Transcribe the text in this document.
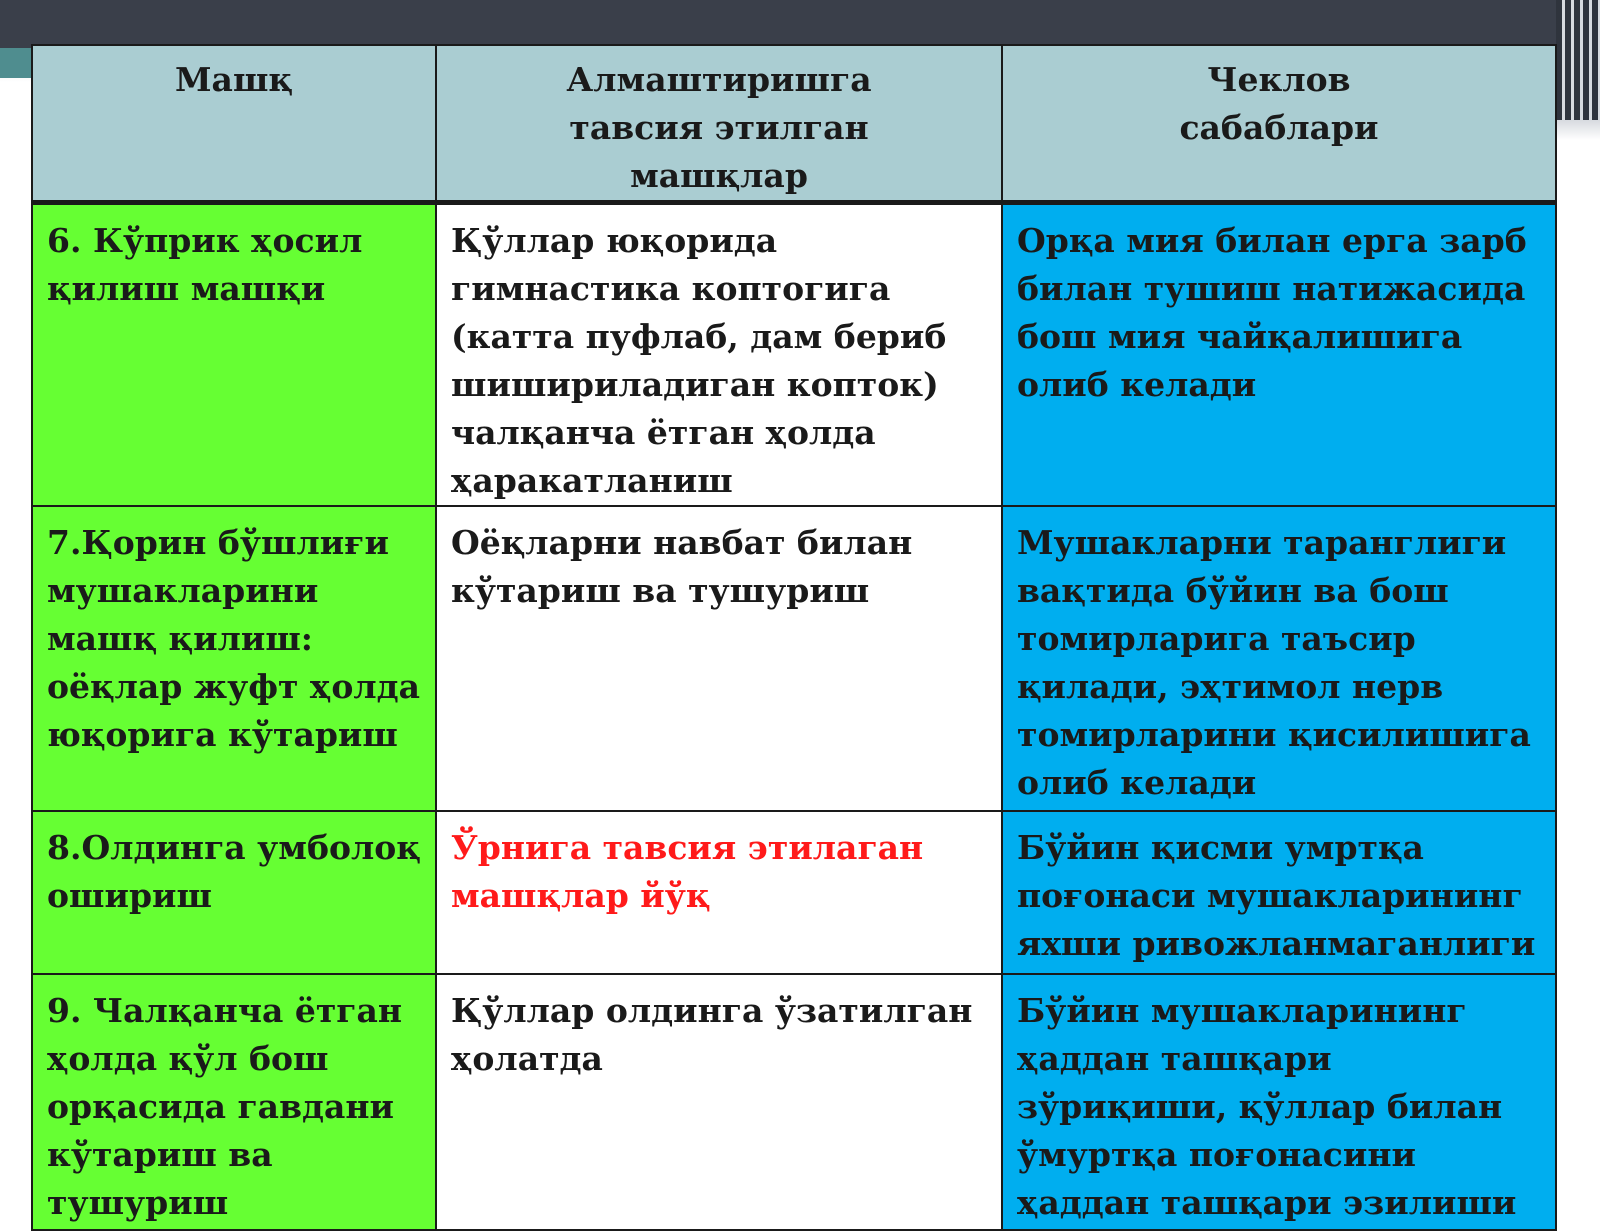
Машқ	Алмаштиришга тавсия этилган машқлар	Чеклов сабаблари

6. Кўприк ҳосил қилиш машқи	Қўллар юқорида гимнастика коптогига (катта пуфлаб, дам бериб шишириладиган копток) чалқанча ётган ҳолда ҳаракатланиш	Орқа мия билан ерга зарб билан тушиш натижасида бош мия чайқалишига олиб келади

7.Қорин бўшлиғи мушакларини машқ қилиш: оёқлар жуфт ҳолда юқорига кўтариш	Оёқларни навбат билан кўтариш ва тушуриш	Мушакларни таранглиги вақтида бўйин ва бош томирларига таъсир қилади, эҳтимол нерв томирларини қисилишига олиб келади

8.Олдинга умболоқ ошириш	Ўрнига тавсия этилаган машқлар йўқ	Бўйин қисми умртқа поғонаси мушакларининг яхши ривожланмаганлиги

9. Чалқанча ётган ҳолда қўл бош орқасида гавдани кўтариш ва тушуриш	Қўллар олдинга ўзатилган ҳолатда	Бўйин мушакларининг ҳаддан ташқари зўриқиши, қўллар билан ўмуртқа поғонасини ҳаддан ташқари эзилиши
